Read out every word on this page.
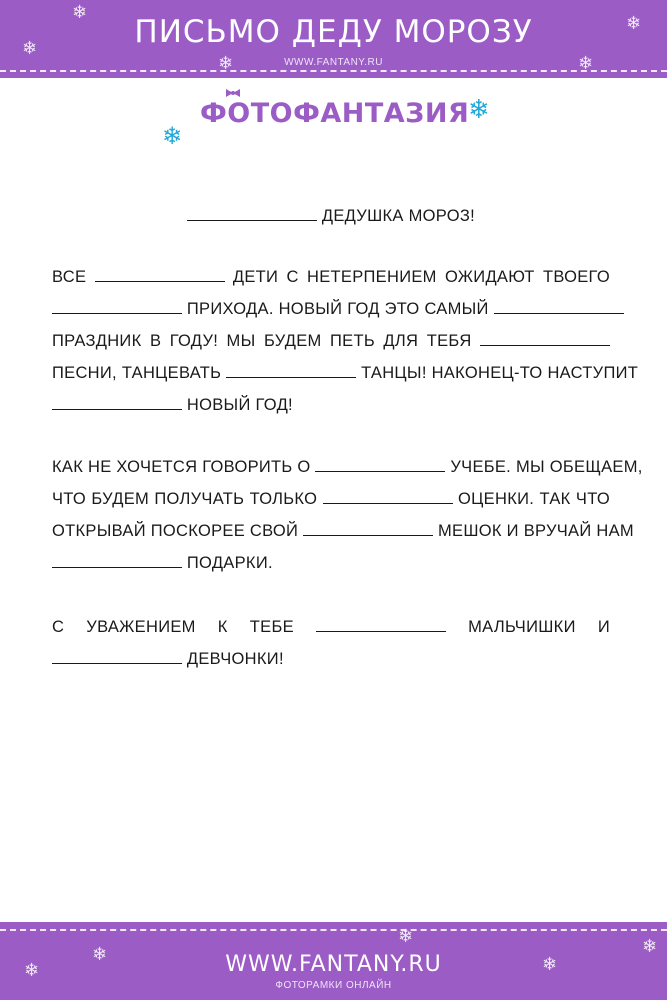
ПИСЬМО ДЕДУ МОРОЗУ
WWW.FANTANY.RU
❄
❄
❄
❄
❄
ФОТОФАНТАЗИЯ
❄
❄
ДЕДУШКА МОРОЗ!
ВСЕ	ДЕТИ С НЕТЕРПЕНИЕМ ОЖИДАЮТ ТВОЕГО
ПРИХОДА. НОВЫЙ ГОД ЭТО САМЫЙ
ПРАЗДНИК В ГОДУ! МЫ БУДЕМ ПЕТЬ ДЛЯ ТЕБЯ
ПЕСНИ, ТАНЦЕВАТЬ	ТАНЦЫ! НАКОНЕЦ-ТО НАСТУПИТ
НОВЫЙ ГОД!
КАК НЕ ХОЧЕТСЯ ГОВОРИТЬ О	УЧЕБЕ. МЫ ОБЕЩАЕМ,
ЧТО БУДЕМ ПОЛУЧАТЬ ТОЛЬКО	ОЦЕНКИ. ТАК ЧТО
ОТКРЫВАЙ ПОСКОРЕЕ СВОЙ	МЕШОК И ВРУЧАЙ НАМ
ПОДАРКИ.
С УВАЖЕНИЕМ К ТЕБЕ	МАЛЬЧИШКИ И
ДЕВЧОНКИ!
WWW.FANTANY.RU
ФОТОРАМКИ ОНЛАЙН
❄
❄
❄	❄
❄
